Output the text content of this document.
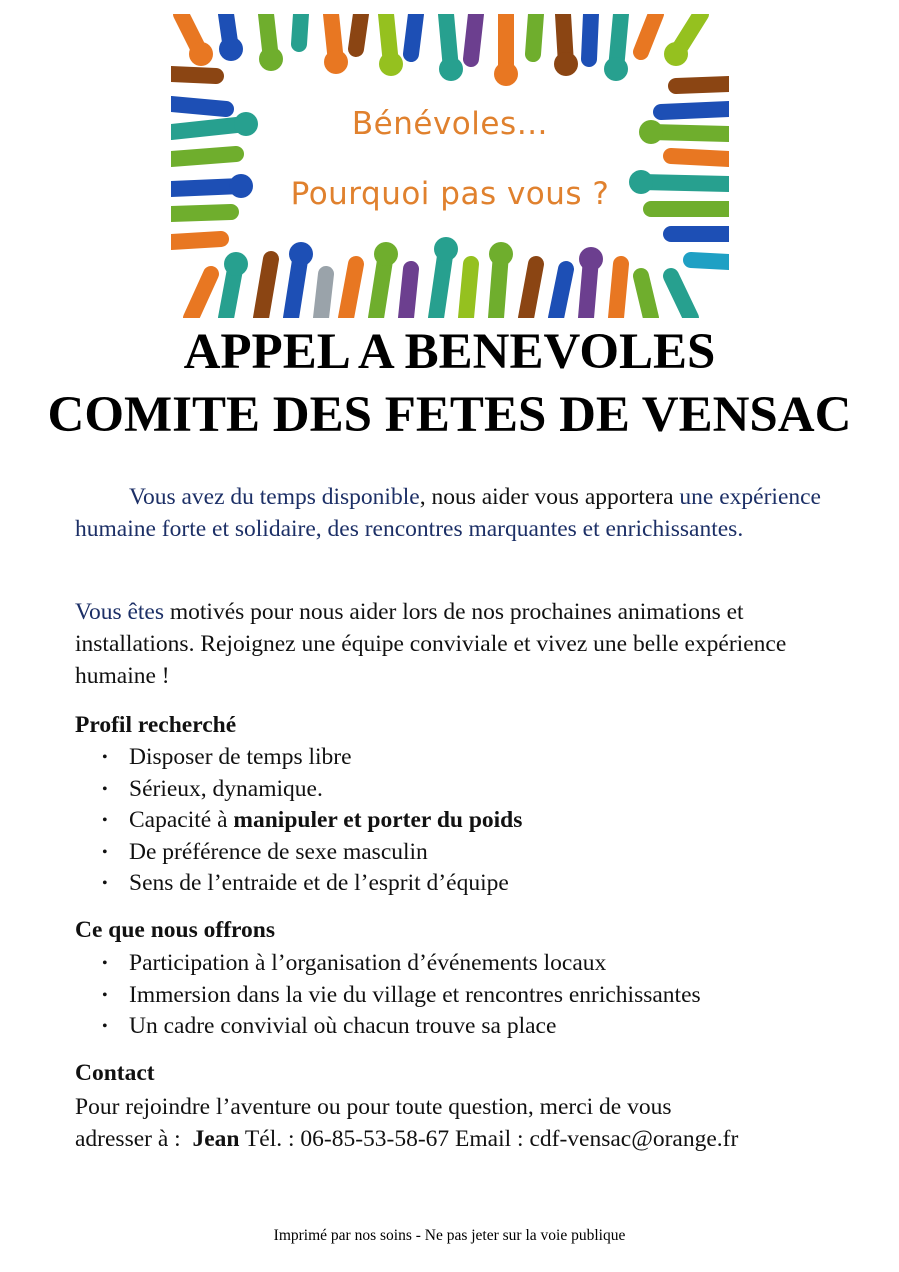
Bénévoles…
Pourquoi pas vous ?
APPEL A BENEVOLES
COMITE DES FETES DE VENSAC

Vous avez du temps disponible, nous aider vous apportera une expérience humaine forte et solidaire, des rencontres marquantes et enrichissantes.

Vous êtes motivés pour nous aider lors de nos prochaines animations et installations. Rejoignez une équipe conviviale et vivez une belle expérience humaine !

Profil recherché
• Disposer de temps libre
• Sérieux, dynamique.
• Capacité à manipuler et porter du poids
• De préférence de sexe masculin
• Sens de l’entraide et de l’esprit d’équipe
Ce que nous offrons
• Participation à l’organisation d’événements locaux
• Immersion dans la vie du village et rencontres enrichissantes
• Un cadre convivial où chacun trouve sa place
Contact

Pour rejoindre l’aventure ou pour toute question, merci de vous
adresser à :  Jean Tél. : 06-85-53-58-67 Email : cdf-vensac@orange.fr

Imprimé par nos soins - Ne pas jeter sur la voie publique
